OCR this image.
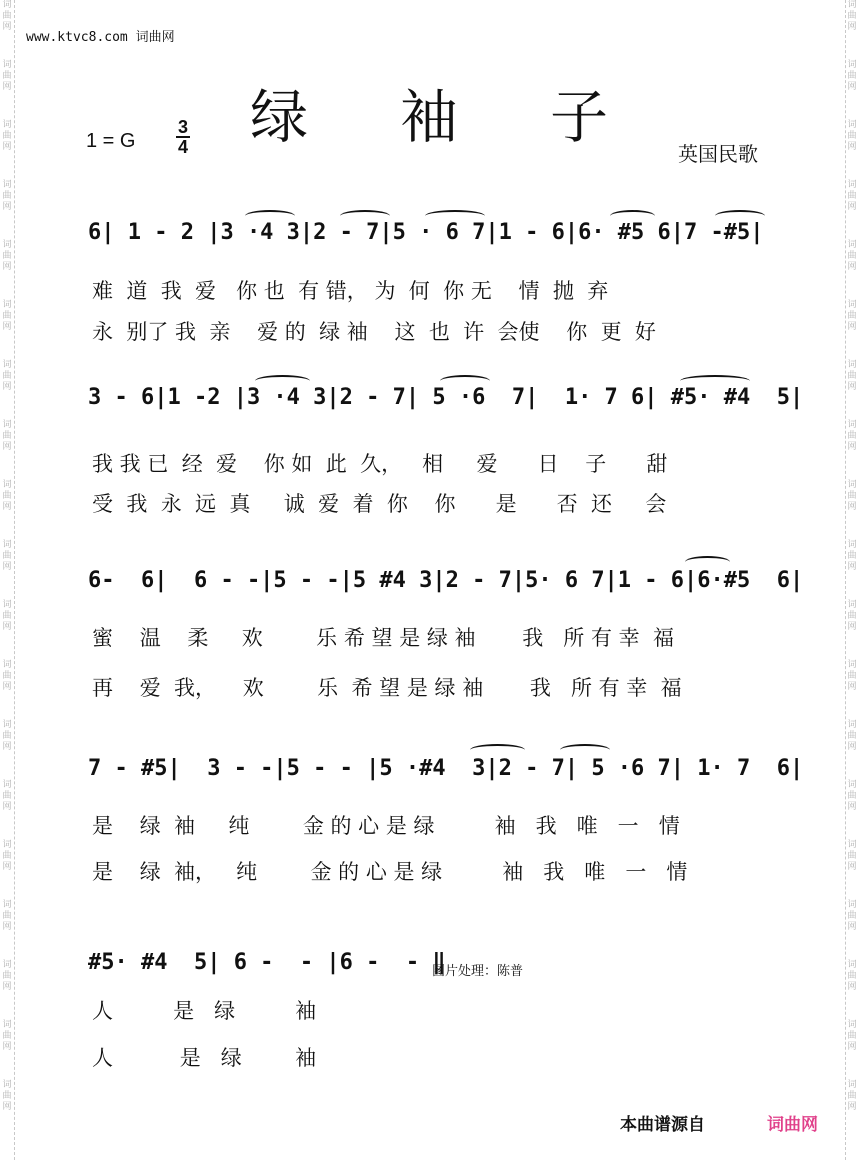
词曲网
词曲网
词曲网
词曲网
词曲网
词曲网
词曲网
词曲网
词曲网
词曲网
词曲网
词曲网
词曲网
词曲网
词曲网
词曲网
词曲网
词曲网
词曲网
词曲网
词曲网
词曲网
词曲网
词曲网
词曲网
词曲网
词曲网
词曲网
词曲网
词曲网
词曲网
词曲网
词曲网
词曲网
词曲网
词曲网
词曲网
词曲网
www.ktvc8.com 词曲网
绿 袖 子
1 = G
3
4	英国民歌
6| 1 - 2 |3 ·4 3|2 - 7|5 · 6 7|1 - 6|6· #5 6|7 -#5|
难  道  我  爱   你 也  有 错， 为  何  你 无    情  抛  弃
永  别了 我  亲    爱 的  绿 袖    这  也  许  会使    你  更  好
3 - 6|1 -2 |3 ·4 3|2 - 7| 5 ·6  7|  1· 7 6| #5· #4  5|
我 我 已  经  爱    你 如  此  久，   相     爱      日    子      甜
受  我  永  远  真     诚  爱  着  你    你      是      否  还     会
6-  6|  6 - -|5 - -|5 #4 3|2 - 7|5· 6 7|1 - 6|6·#5  6|
蜜    温    柔     欢        乐 希 望 是 绿 袖       我   所 有 幸  福
再    爱  我，    欢        乐  希 望 是 绿 袖       我   所 有 幸  福
7 - #5|  3 - -|5 - - |5 ·#4  3|2 - 7| 5 ·6 7| 1· 7  6|
是    绿  袖     纯        金 的 心 是 绿         袖   我   唯   一   情
是    绿  袖，   纯        金 的 心 是 绿         袖   我   唯   一   情
#5· #4  5| 6 -  - |6 -  - ‖
人         是   绿         袖
人          是   绿        袖
图片处理：陈普
本曲谱源自	词曲网
